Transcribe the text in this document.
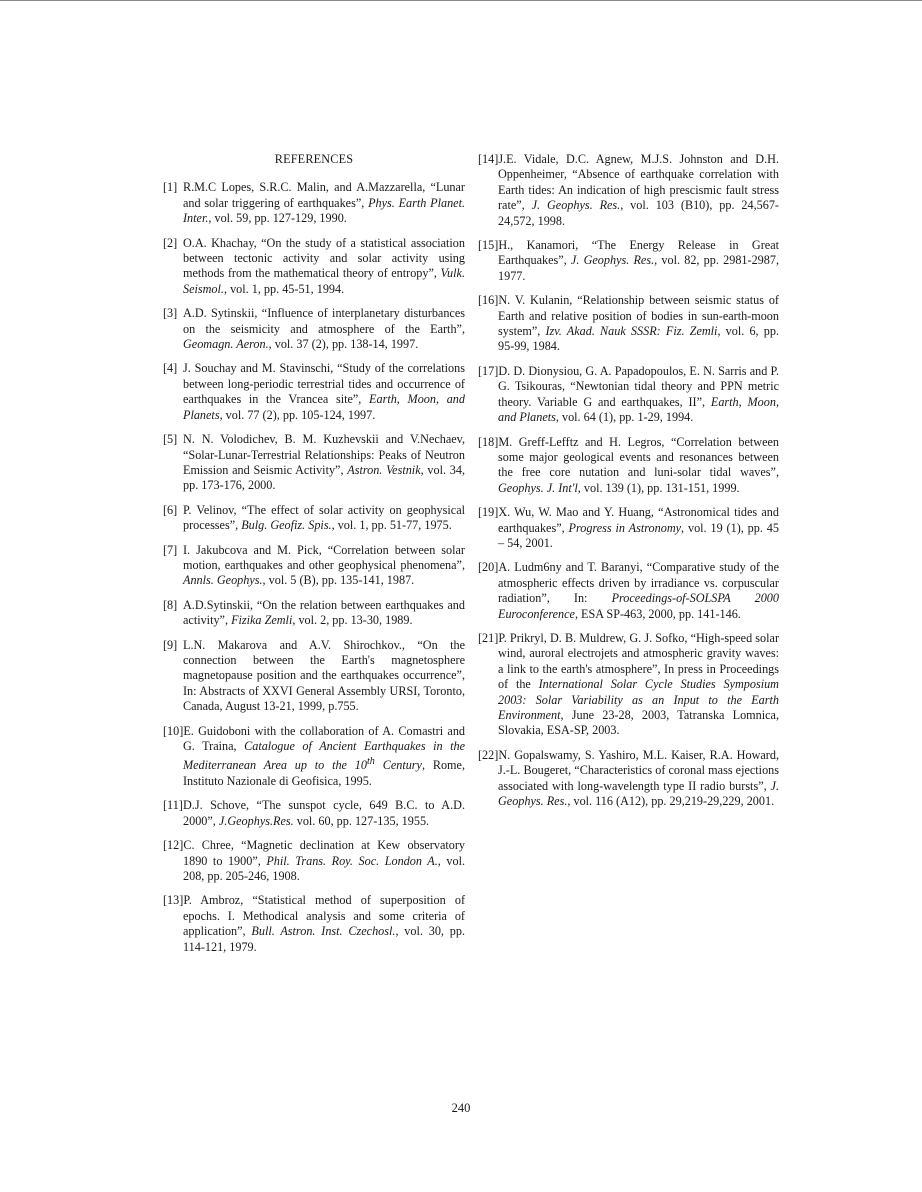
REFERENCES
[1] R.M.C Lopes, S.R.C. Malin, and A.Mazzarella, “Lunar and solar triggering of earthquakes”, Phys. Earth Planet. Inter., vol. 59, pp. 127-129, 1990.
[2] O.A. Khachay, “On the study of a statistical association between tectonic activity and solar activity using methods from the mathematical theory of entropy”, Vulk. Seismol., vol. 1, pp. 45-51, 1994.
[3] A.D. Sytinskii, “Influence of interplanetary disturbances on the seismicity and atmosphere of the Earth”, Geomagn. Aeron., vol. 37 (2), pp. 138-14, 1997.
[4] J. Souchay and M. Stavinschi, “Study of the correlations between long-periodic terrestrial tides and occurrence of earthquakes in the Vrancea site”, Earth, Moon, and Planets, vol. 77 (2), pp. 105-124, 1997.
[5] N. N. Volodichev, B. M. Kuzhevskii and V.Nechaev, “Solar-Lunar-Terrestrial Relationships: Peaks of Neutron Emission and Seismic Activity”, Astron. Vestnik, vol. 34, pp. 173-176, 2000.
[6] P. Velinov, “The effect of solar activity on geophysical processes”, Bulg. Geofiz. Spis., vol. 1, pp. 51-77, 1975.
[7] I. Jakubcova and M. Pick, “Correlation between solar motion, earthquakes and other geophysical phenomena”, Annls. Geophys., vol. 5 (B), pp. 135-141, 1987.
[8] A.D.Sytinskii, “On the relation between earthquakes and activity”, Fizika Zemli, vol. 2, pp. 13-30, 1989.
[9] L.N. Makarova and A.V. Shirochkov., “On the connection between the Earth's magnetosphere magnetopause position and the earthquakes occurrence”, In: Abstracts of XXVI General Assembly URSI, Toronto, Canada, August 13-21, 1999, p.755.
[10]E. Guidoboni with the collaboration of A. Comastri and G. Traina, Catalogue of Ancient Earthquakes in the Mediterranean Area up to the 10th Century, Rome, Instituto Nazionale di Geofisica, 1995.
[11]D.J. Schove, “The sunspot cycle, 649 B.C. to A.D. 2000”, J.Geophys.Res. vol. 60, pp. 127-135, 1955.
[12]C. Chree, “Magnetic declination at Kew observatory 1890 to 1900”, Phil. Trans. Roy. Soc. London A., vol. 208, pp. 205-246, 1908.
[13]P. Ambroz, “Statistical method of superposition of epochs. I. Methodical analysis and some criteria of application”, Bull. Astron. Inst. Czechosl., vol. 30, pp. 114-121, 1979.
[14]J.E. Vidale, D.C. Agnew, M.J.S. Johnston and D.H. Oppenheimer, “Absence of earthquake correlation with Earth tides: An indication of high prescismic fault stress rate”, J. Geophys. Res., vol. 103 (B10), pp. 24,567-24,572, 1998.
[15]H., Kanamori, “The Energy Release in Great Earthquakes”, J. Geophys. Res., vol. 82, pp. 2981-2987, 1977.
[16]N. V. Kulanin, “Relationship between seismic status of Earth and relative position of bodies in sun-earth-moon system”, Izv. Akad. Nauk SSSR: Fiz. Zemli, vol. 6, pp. 95-99, 1984.
[17]D. D. Dionysiou, G. A. Papadopoulos, E. N. Sarris and P. G. Tsikouras, “Newtonian tidal theory and PPN metric theory. Variable G and earthquakes, II”, Earth, Moon, and Planets, vol. 64 (1), pp. 1-29, 1994.
[18]M. Greff-Lefftz and H. Legros, “Correlation between some major geological events and resonances between the free core nutation and luni-solar tidal waves”, Geophys. J. Int'l, vol. 139 (1), pp. 131-151, 1999.
[19]X. Wu, W. Mao and Y. Huang, “Astronomical tides and earthquakes”, Progress in Astronomy, vol. 19 (1), pp. 45 – 54, 2001.
[20]A. Ludm6ny and T. Baranyi, “Comparative study of the atmospheric effects driven by irradiance vs. corpuscular radiation”, In: Proceedings-of-SOLSPA 2000 Euroconference, ESA SP-463, 2000, pp. 141-146.
[21]P. Prikryl, D. B. Muldrew, G. J. Sofko, “High-speed solar wind, auroral electrojets and atmospheric gravity waves: a link to the earth's atmosphere”, In press in Proceedings of the International Solar Cycle Studies Symposium 2003: Solar Variability as an Input to the Earth Environment, June 23-28, 2003, Tatranska Lomnica, Slovakia, ESA-SP, 2003.
[22]N. Gopalswamy, S. Yashiro, M.L. Kaiser, R.A. Howard, J.-L. Bougeret, “Characteristics of coronal mass ejections associated with long-wavelength type II radio bursts”, J. Geophys. Res., vol. 116 (A12), pp. 29,219-29,229, 2001.
240
